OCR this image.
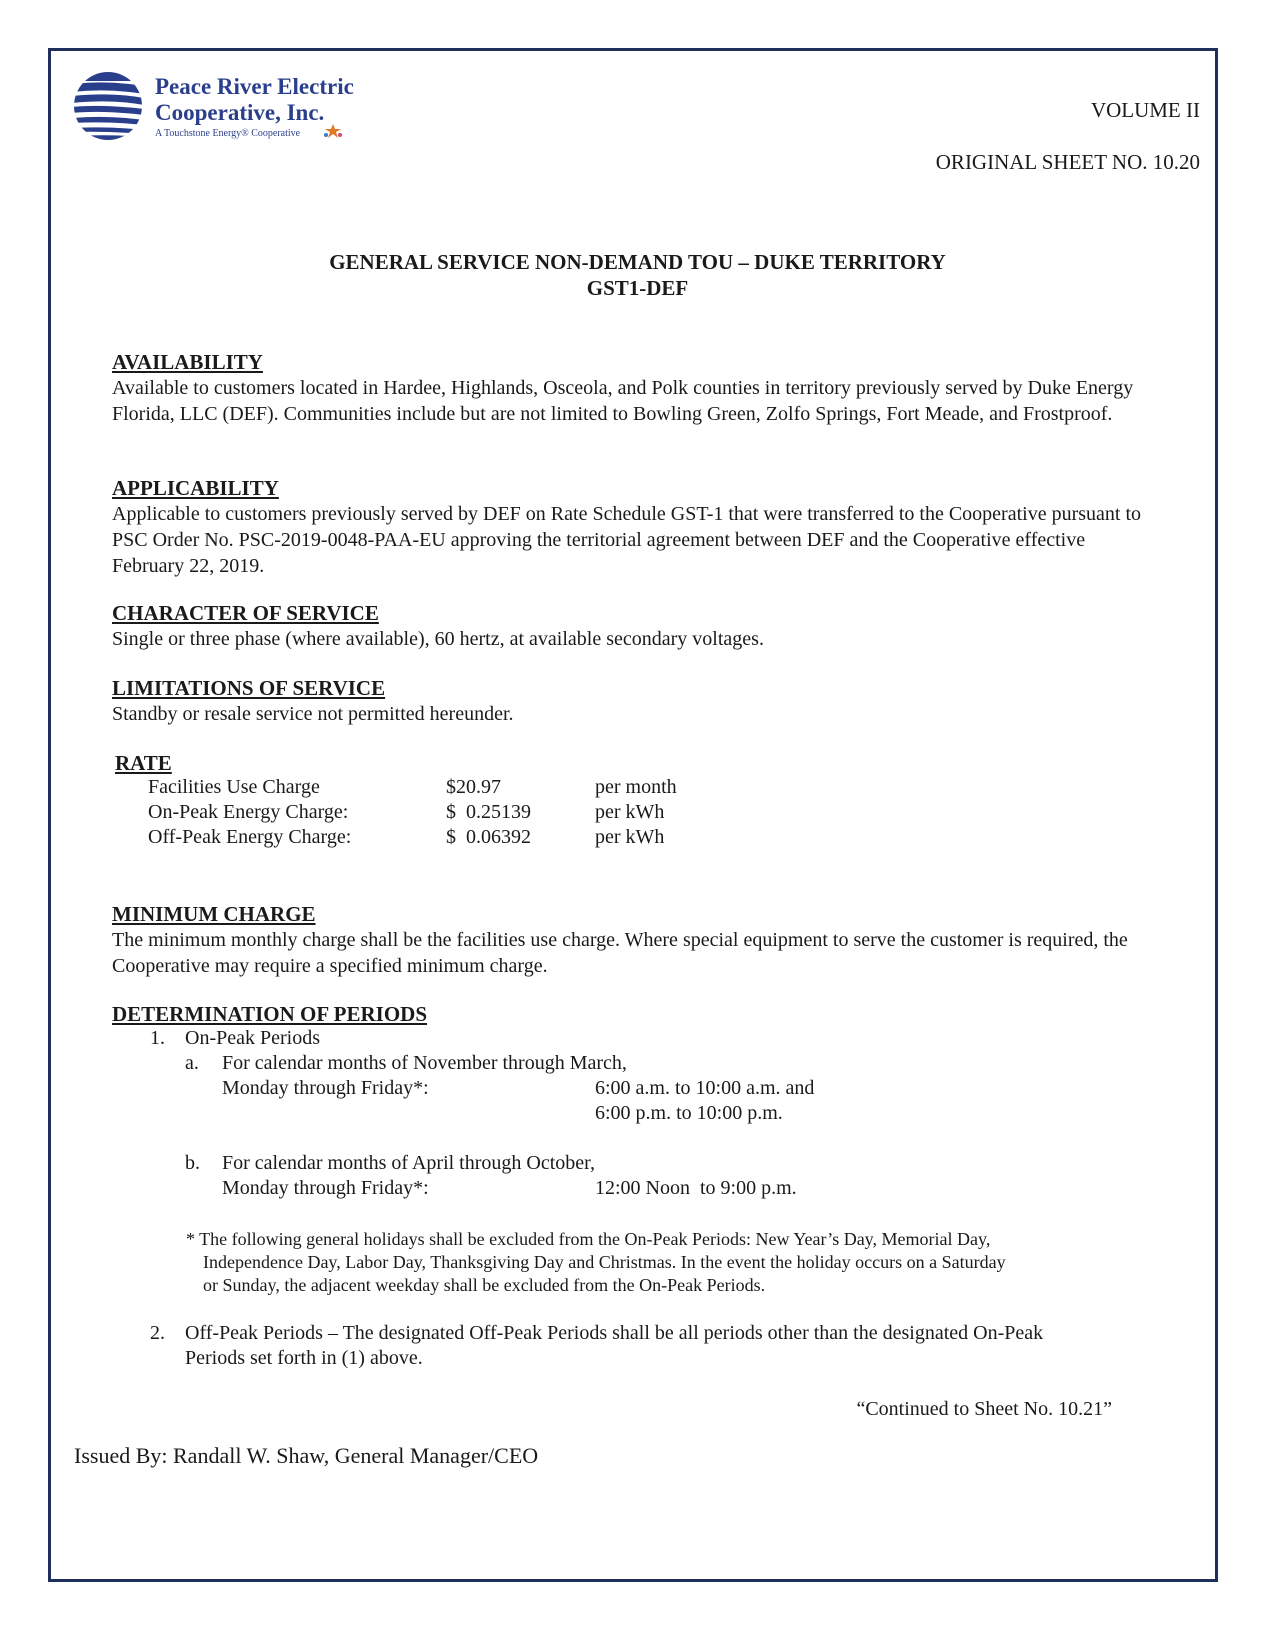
Peace River Electric
Cooperative, Inc.
A Touchstone Energy® Cooperative
VOLUME II
ORIGINAL SHEET NO. 10.20
GENERAL SERVICE NON-DEMAND TOU – DUKE TERRITORY
GST1-DEF
AVAILABILITY
Available to customers located in Hardee, Highlands, Osceola, and Polk counties in territory previously served by Duke Energy Florida, LLC (DEF). Communities include but are not limited to Bowling Green, Zolfo Springs, Fort Meade, and Frostproof.
APPLICABILITY
Applicable to customers previously served by DEF on Rate Schedule GST-1 that were transferred to the Cooperative pursuant to PSC Order No. PSC-2019-0048-PAA-EU approving the territorial agreement between DEF and the Cooperative effective February 22, 2019.
CHARACTER OF SERVICE
Single or three phase (where available), 60 hertz, at available secondary voltages.
LIMITATIONS OF SERVICE
Standby or resale service not permitted hereunder.
RATE
Facilities Use Charge	$20.97	per month
On-Peak Energy Charge:	$  0.25139	per kWh
Off-Peak Energy Charge:	$  0.06392	per kWh
MINIMUM CHARGE
The minimum monthly charge shall be the facilities use charge. Where special equipment to serve the customer is required, the Cooperative may require a specified minimum charge.
DETERMINATION OF PERIODS
1. On-Peak Periods
a. For calendar months of November through March,
Monday through Friday*:	6:00 a.m. to 10:00 a.m. and
6:00 p.m. to 10:00 p.m.
b. For calendar months of April through October,
Monday through Friday*:	12:00 Noon  to 9:00 p.m.
* The following general holidays shall be excluded from the On-Peak Periods: New Year’s Day, Memorial Day,
Independence Day, Labor Day, Thanksgiving Day and Christmas. In the event the holiday occurs on a Saturday
or Sunday, the adjacent weekday shall be excluded from the On-Peak Periods.
2. Off-Peak Periods – The designated Off-Peak Periods shall be all periods other than the designated On-Peak
Periods set forth in (1) above.
“Continued to Sheet No. 10.21”
Issued By: Randall W. Shaw, General Manager/CEO
